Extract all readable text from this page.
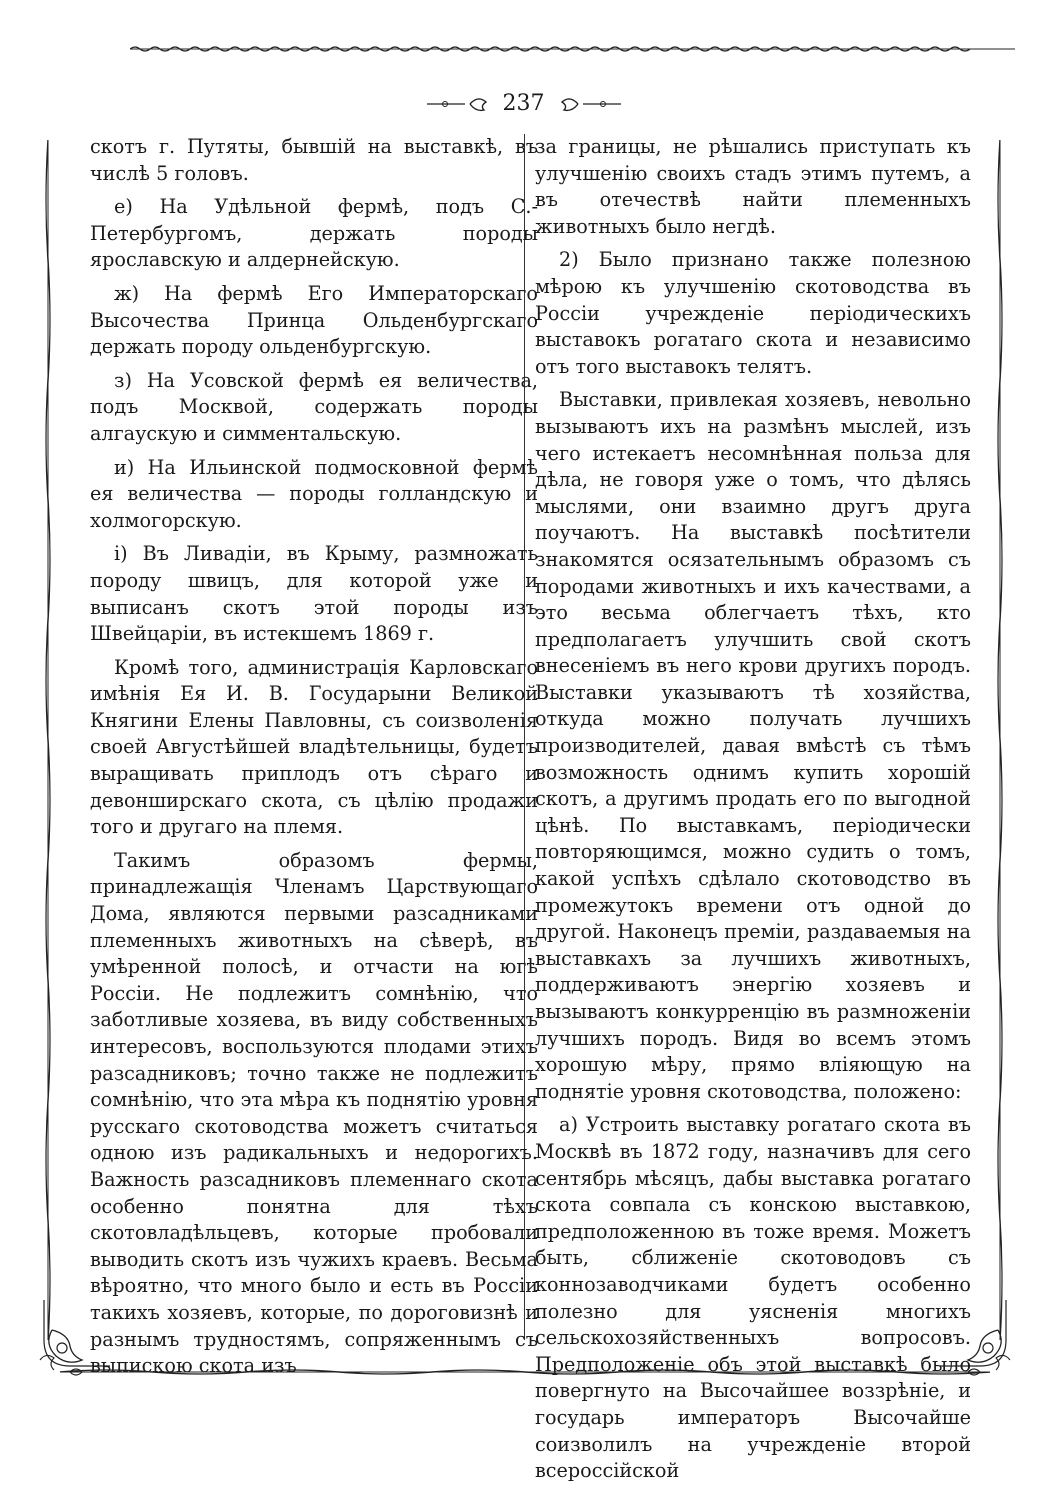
237

скотъ г. Путяты, бывшій на выставкѣ, въ числѣ 5 головъ.

е) На Удѣльной фермѣ, подъ С.-Петербургомъ, держать породы ярославскую и алдернейскую.

ж) На фермѣ Его Императорскаго Высочества Принца Ольденбургскаго держать породу ольденбургскую.

з) На Усовской фермѣ ея величества, подъ Москвой, содержать породы алгаускую и симментальскую.

и) На Ильинской подмосковной фермѣ ея величества — породы голландскую и холмогорскую.

і) Въ Ливадіи, въ Крыму, размножать породу швицъ, для которой уже и выписанъ скотъ этой породы изъ Швейцаріи, въ истекшемъ 1869 г.

Кромѣ того, администрація Карловскаго имѣнія Ея И. В. Государыни Великой Княгини Елены Павловны, съ соизволенія своей Августѣйшей владѣтельницы, будетъ выращивать приплодъ отъ сѣраго и девонширскаго скота, съ цѣлію продажи того и другаго на племя.

Такимъ образомъ фермы, принадлежащія Членамъ Царствующаго Дома, являются первыми разсадниками племенныхъ животныхъ на сѣверѣ, въ умѣренной полосѣ, и отчасти на югѣ Россіи. Не подлежитъ сомнѣнію, что заботливые хозяева, въ виду собственныхъ интересовъ, воспользуются плодами этихъ разсадниковъ; точно также не подлежитъ сомнѣнію, что эта мѣра къ поднятію уровня русскаго скотоводства можетъ считаться одною изъ радикальныхъ и недорогихъ. Важность разсадниковъ племеннаго скота особенно понятна для тѣхъ скотовладѣльцевъ, которые пробовали выводить скотъ изъ чужихъ краевъ. Весьма вѣроятно, что много было и есть въ Россіи такихъ хозяевъ, которые, по дороговизнѣ и разнымъ трудностямъ, сопряженнымъ съ выпискою скота изъ

за границы, не рѣшались приступать къ улучшенію своихъ стадъ этимъ путемъ, а въ отечествѣ найти племенныхъ животныхъ было негдѣ.

2) Было признано также полезною мѣрою къ улучшенію скотоводства въ Россіи учрежденіе періодическихъ выставокъ рогатаго скота и независимо отъ того выставокъ телятъ.

Выставки, привлекая хозяевъ, невольно вызываютъ ихъ на размѣнъ мыслей, изъ чего истекаетъ несомнѣнная польза для дѣла, не говоря уже о томъ, что дѣлясь мыслями, они взаимно другъ друга поучаютъ. На выставкѣ посѣтители знакомятся осязательнымъ образомъ съ породами животныхъ и ихъ качествами, а это весьма облегчаетъ тѣхъ, кто предполагаетъ улучшить свой скотъ внесеніемъ въ него крови другихъ породъ. Выставки указываютъ тѣ хозяйства, откуда можно получать лучшихъ производителей, давая вмѣстѣ съ тѣмъ возможность однимъ купить хорошій скотъ, а другимъ продать его по выгодной цѣнѣ. По выставкамъ, періодически повторяющимся, можно судить о томъ, какой успѣхъ сдѣлало скотоводство въ промежутокъ времени отъ одной до другой. Наконецъ преміи, раздаваемыя на выставкахъ за лучшихъ животныхъ, поддерживаютъ энергію хозяевъ и вызываютъ конкурренцію въ размноженіи лучшихъ породъ. Видя во всемъ этомъ хорошую мѣру, прямо вліяющую на поднятіе уровня скотоводства, положено:

а) Устроить выставку рогатаго скота въ Москвѣ въ 1872 году, назначивъ для сего сентябрь мѣсяцъ, дабы выставка рогатаго скота совпала съ конскою выставкою, предположенною въ тоже время. Можетъ быть, сближеніе скотоводовъ съ коннозаводчиками будетъ особенно полезно для уясненія многихъ сельскохозяйственныхъ вопросовъ. Предположеніе объ этой выставкѣ было повергнуто на Высочайшее воззрѣніе, и государь императоръ Высочайше соизволилъ на учрежденіе второй всероссійской
